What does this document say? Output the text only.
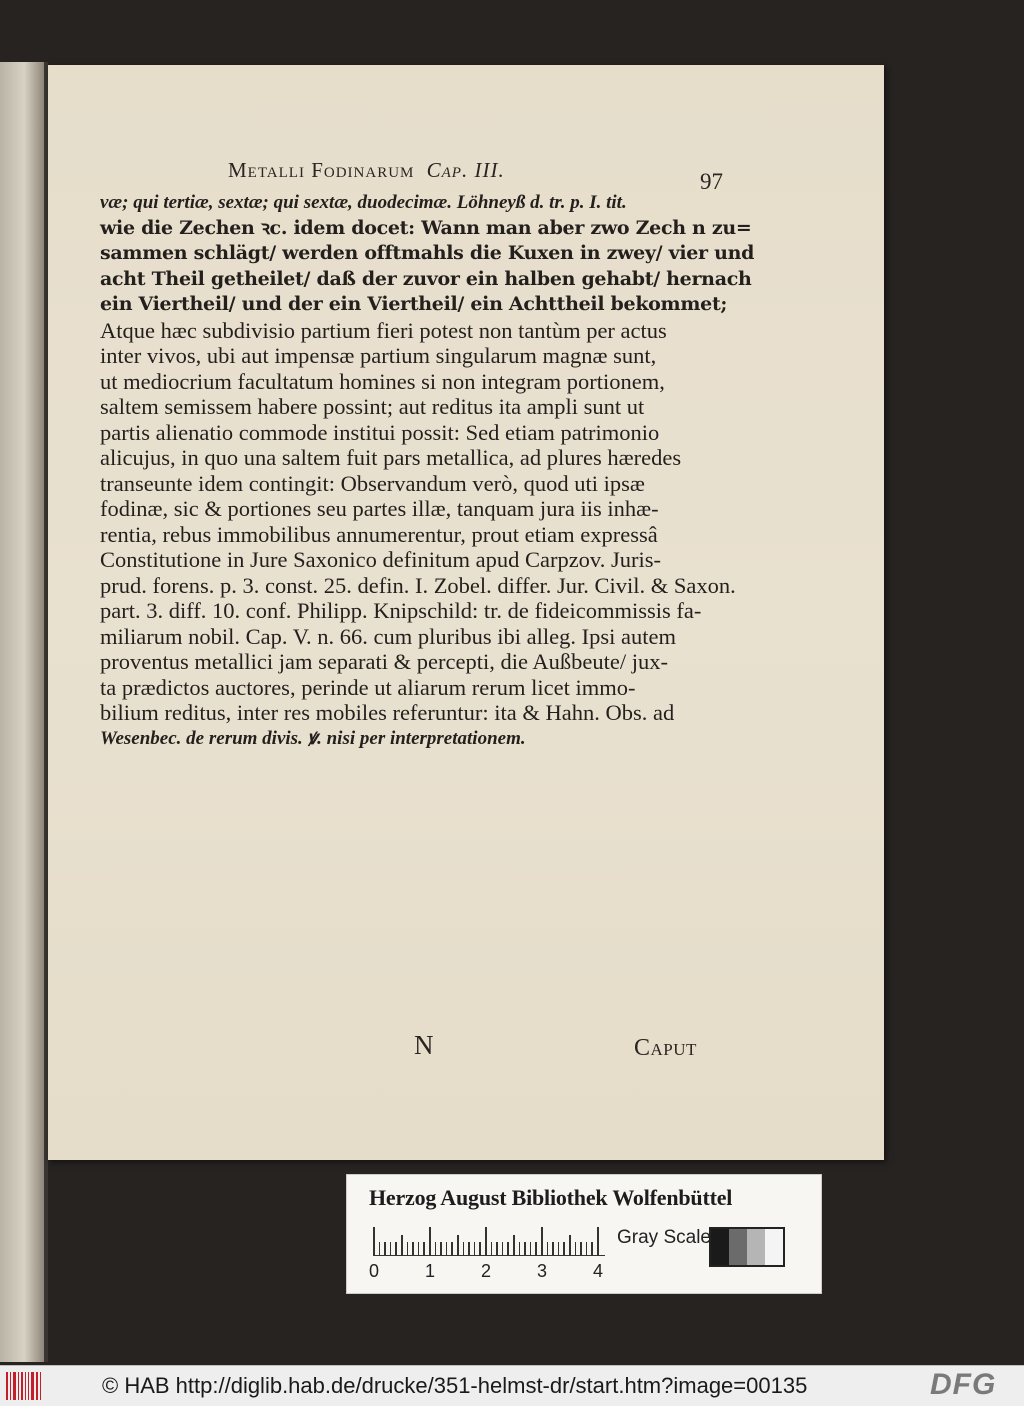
Metalli Fodinarum Cap. III.	97
væ; qui tertiæ, sextæ; qui sextæ, duodecimæ. Löhneyß d. tr. p. I. tit.
wie die Zechen ꝛc. idem docet: Wann man aber zwo Zech n zu=
sammen schlägt/ werden offtmahls die Kuxen in zwey/ vier und
acht Theil getheilet/ daß der zuvor ein halben gehabt/ hernach
ein Viertheil/ und der ein Viertheil/ ein Achttheil bekommet;
Atque hæc subdivisio partium fieri potest non tantùm per actus
inter vivos, ubi aut impensæ partium singularum magnæ sunt,
ut mediocrium facultatum homines si non integram portionem,
saltem semissem habere possint; aut reditus ita ampli sunt ut
partis alienatio commode institui possit: Sed etiam patrimonio
alicujus, in quo una saltem fuit pars metallica, ad plures hæredes
transeunte idem contingit: Observandum verò, quod uti ipsæ
fodinæ, sic & portiones seu partes illæ, tanquam jura iis inhæ-
rentia, rebus immobilibus annumerentur, prout etiam expressâ
Constitutione in Jure Saxonico definitum apud Carpzov. Juris-
prud. forens. p. 3. const. 25. defin. I. Zobel. differ. Jur. Civil. & Saxon.
part. 3. diff. 10. conf. Philipp. Knipschild: tr. de fideicommissis fa-
miliarum nobil. Cap. V. n. 66. cum pluribus ibi alleg. Ipsi autem
proventus metallici jam separati & percepti, die Außbeute/ jux-
ta prædictos auctores, perinde ut aliarum rerum licet immo-
bilium reditus, inter res mobiles referuntur: ita & Hahn. Obs. ad
Wesenbec. de rerum divis. ꝟ. nisi per interpretationem.
N	Caput
Herzog August Bibliothek Wolfenbüttel
0	1	2	3	4
Gray Scale
© HAB http://diglib.hab.de/drucke/351-helmst-dr/start.htm?image=00135	DFG
